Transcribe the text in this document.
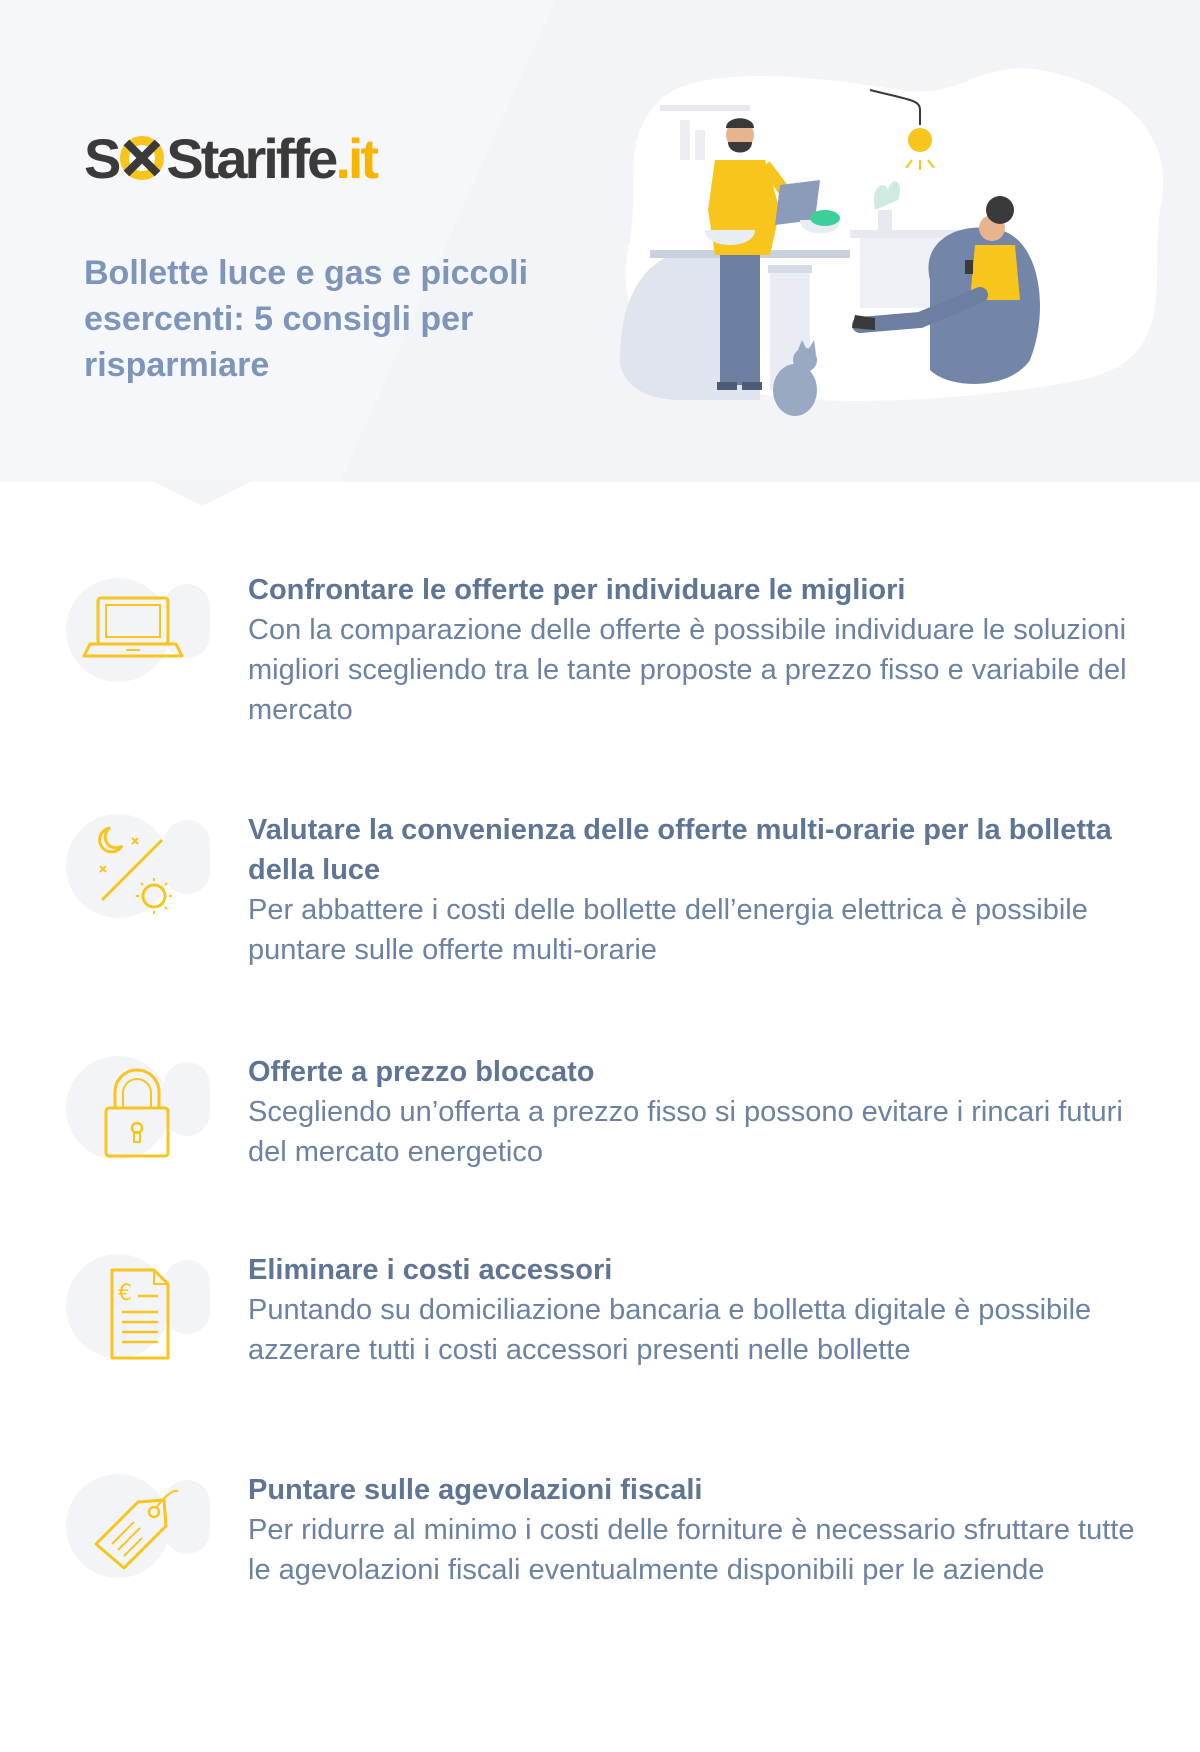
S S tariffe .it
Bollette luce e gas e piccoli esercenti: 5 consigli per risparmiare
Confrontare le offerte per individuare le migliori
Con la comparazione delle offerte è possibile individuare le soluzioni migliori scegliendo tra le tante proposte a prezzo fisso e variabile del mercato
Valutare la convenienza delle offerte multi-orarie per la bolletta della luce
Per abbattere i costi delle bollette dell’energia elettrica è possibile puntare sulle offerte multi-orarie
Offerte a prezzo bloccato
Scegliendo un’offerta a prezzo fisso si possono evitare i rincari futuri del mercato energetico
€
Eliminare i costi accessori
Puntando su domiciliazione bancaria e bolletta digitale è possibile azzerare tutti i costi accessori presenti nelle bollette
Puntare sulle agevolazioni fiscali
Per ridurre al minimo i costi delle forniture è necessario sfruttare tutte le agevolazioni fiscali eventualmente disponibili per le aziende
